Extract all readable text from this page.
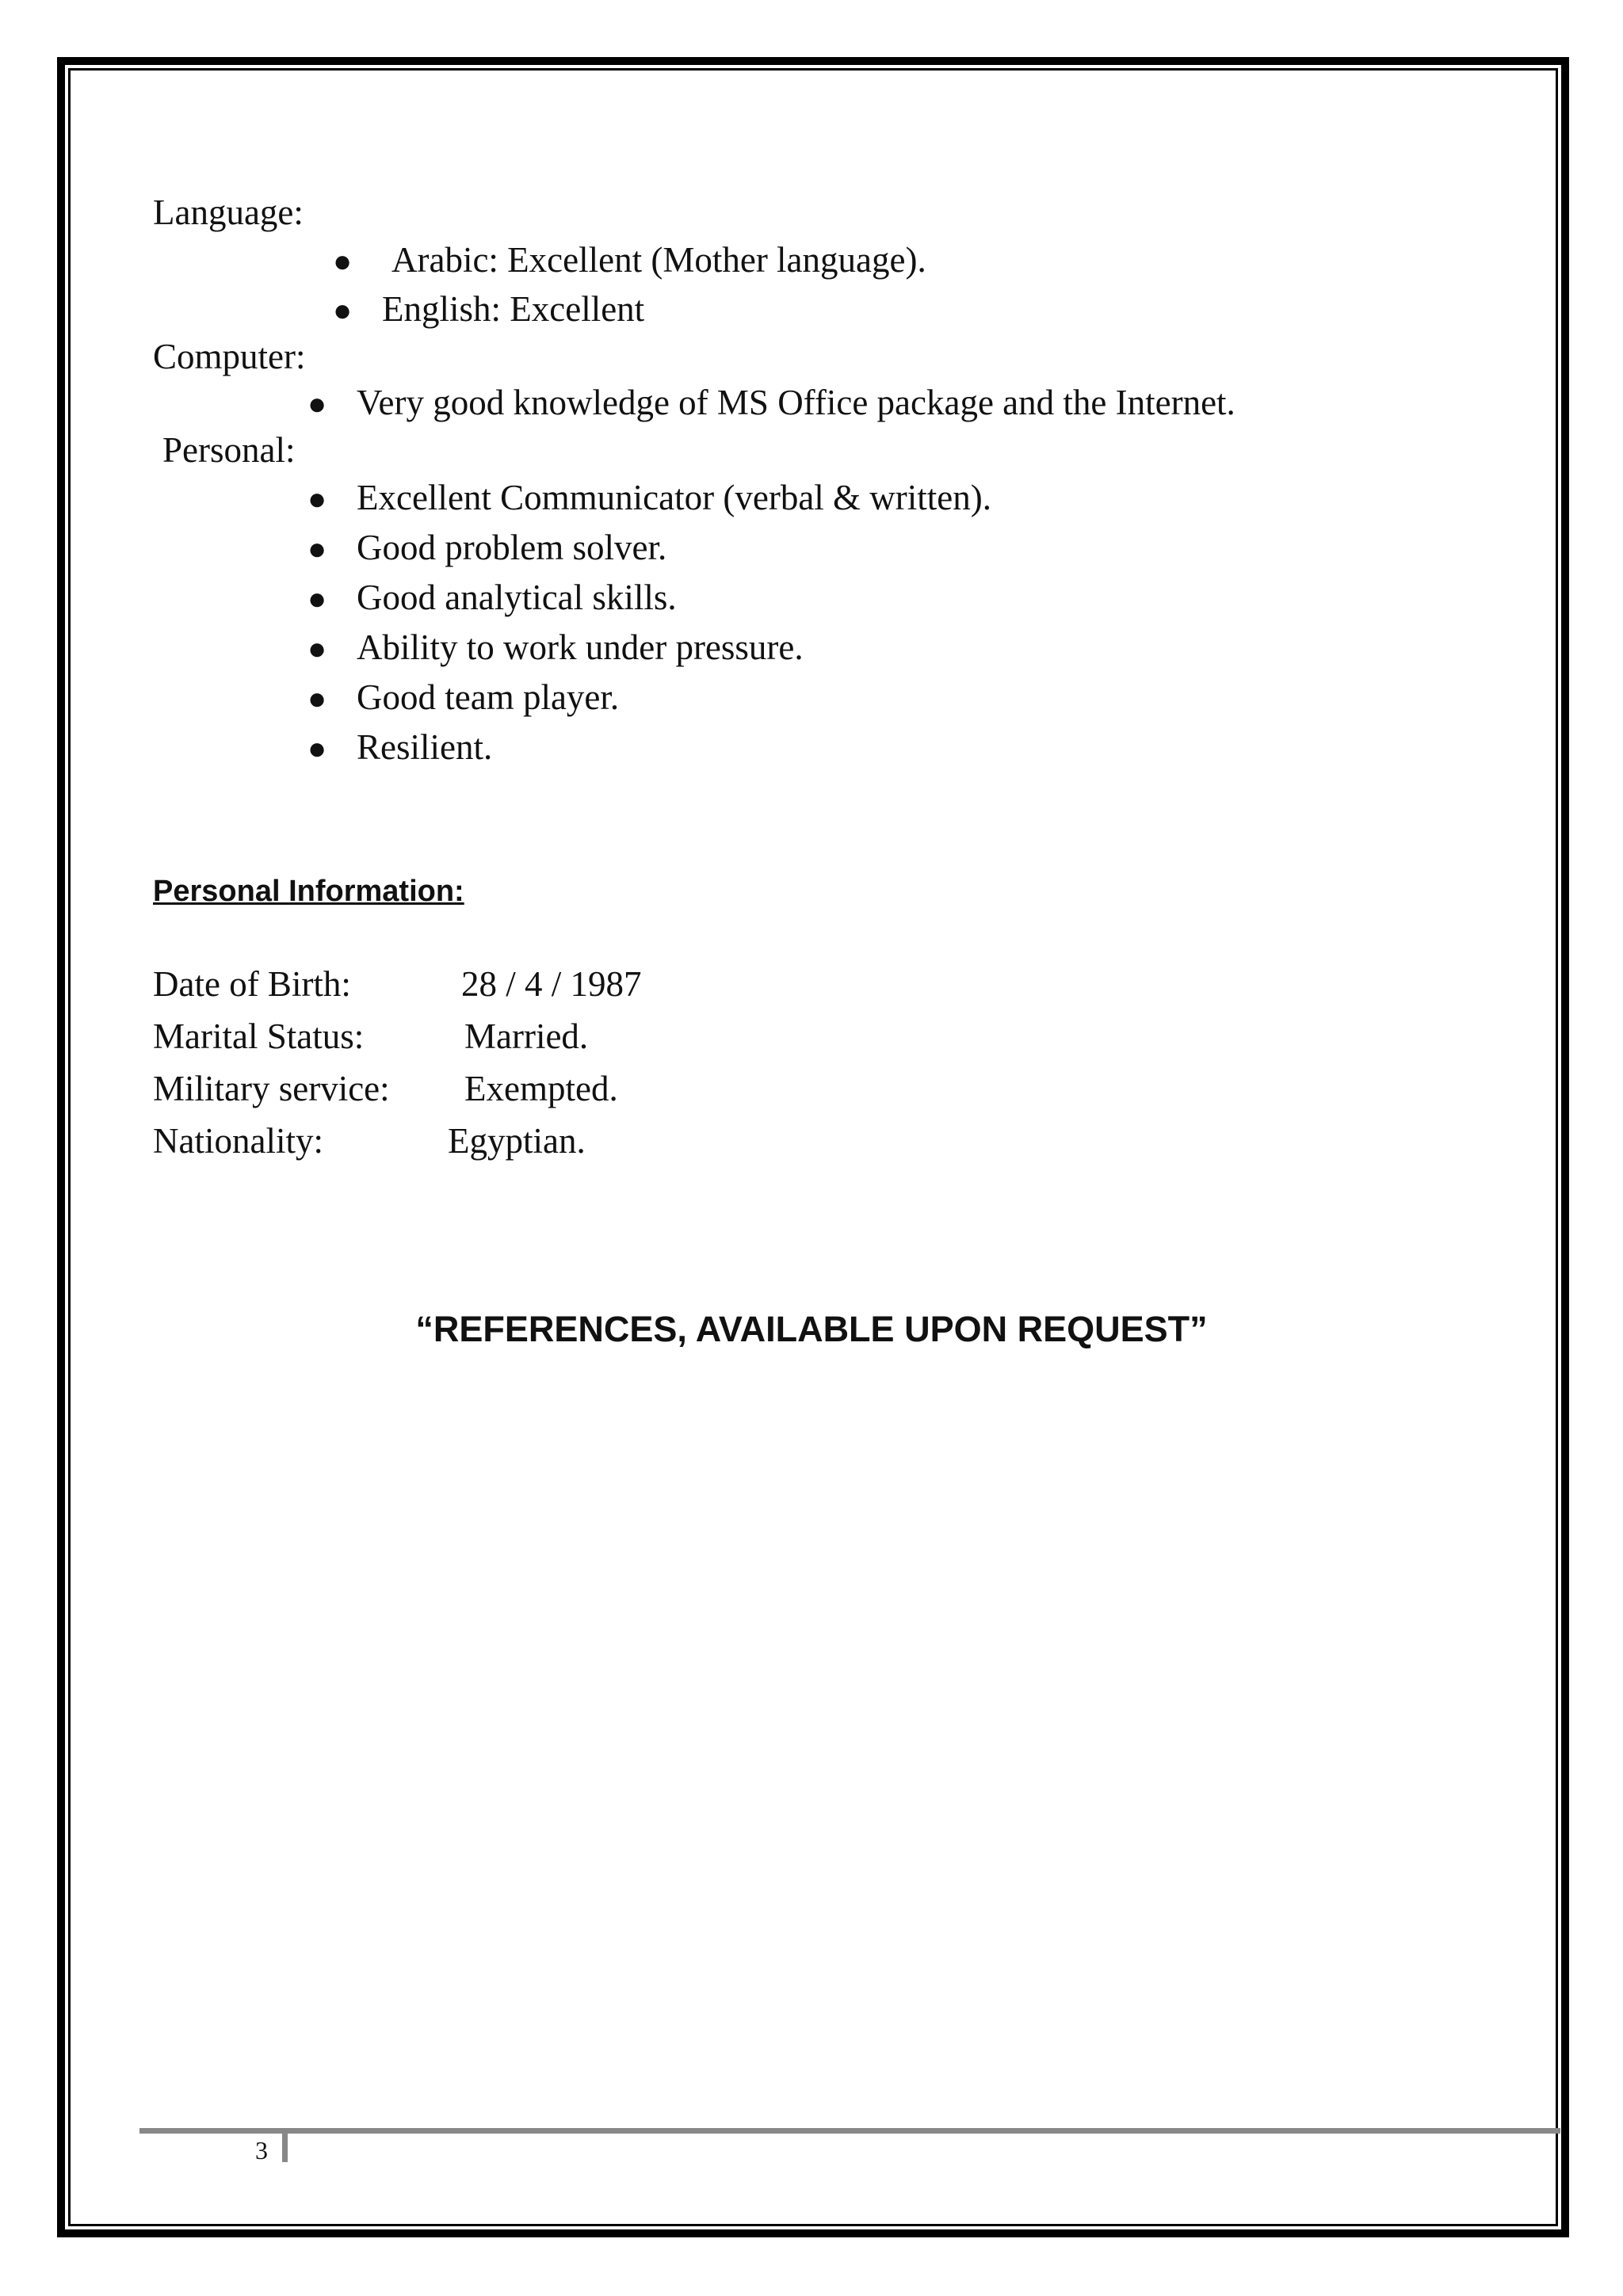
Language:
● Arabic: Excellent (Mother language).
● English: Excellent
Computer:
● Very good knowledge of MS Office package and the Internet.
Personal:
● Excellent Communicator (verbal & written).
● Good problem solver.
● Good analytical skills.
● Ability to work under pressure.
● Good team player.
● Resilient.
Personal Information:
Date of Birth:	28 / 4 / 1987
Marital Status:	Married.
Military service: Exempted.
Nationality:	Egyptian.
“REFERENCES, AVAILABLE UPON REQUEST”
3
